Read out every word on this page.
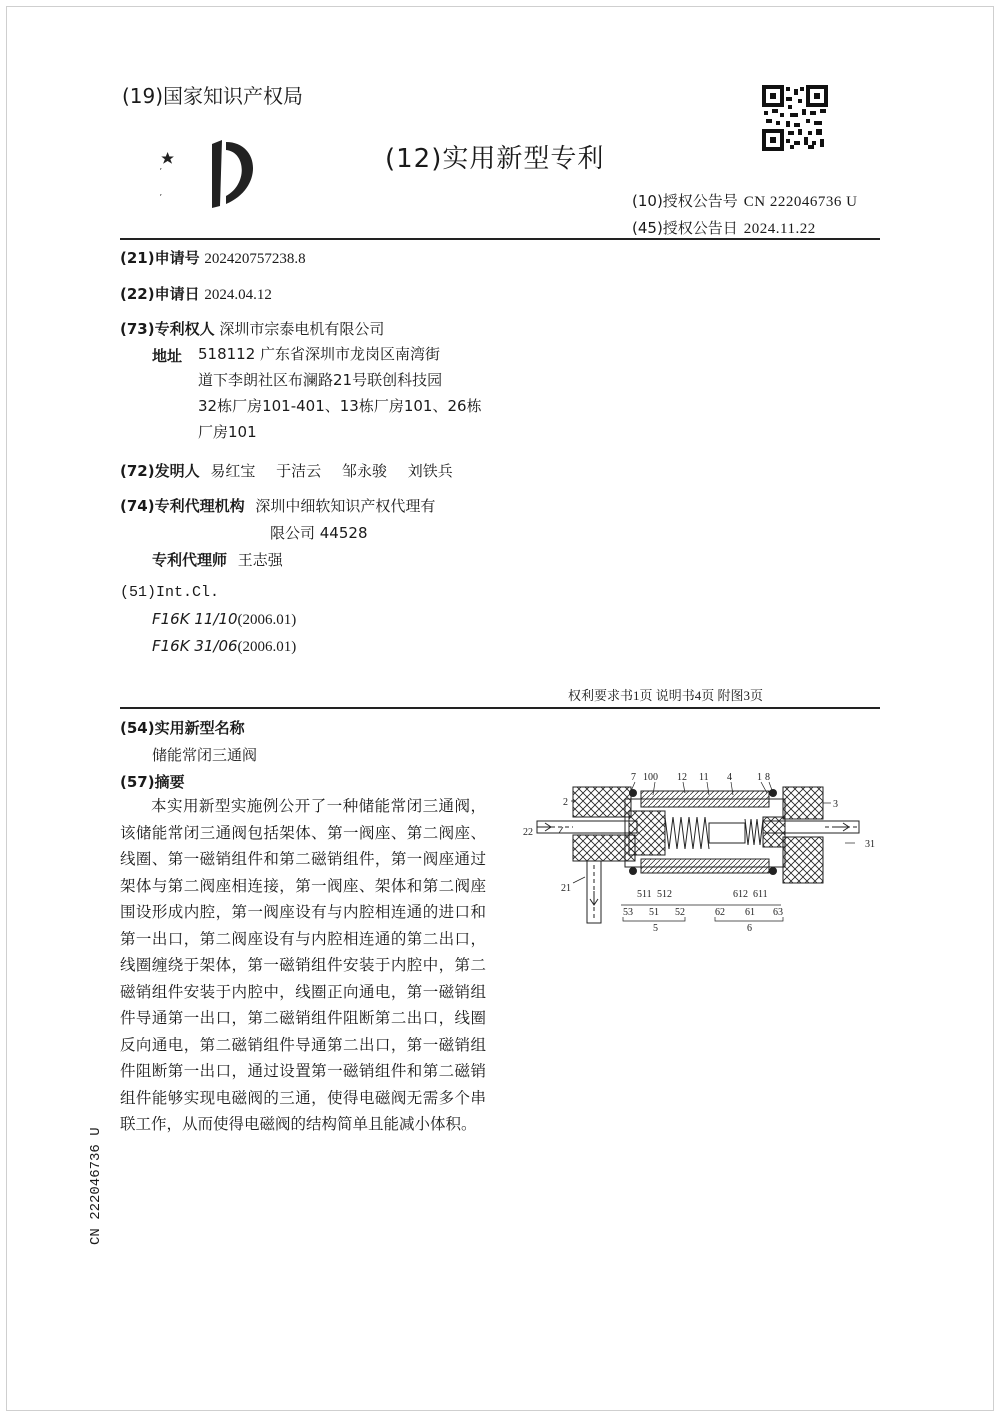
(19)国家知识产权局
(12)实用新型专利
(10)授权公告号 CN 222046736 U
(45)授权公告日 2024.11.22
(21)申请号 202420757238.8
(22)申请日 2024.04.12
(73)专利权人 深圳市宗泰电机有限公司
地址 518112 广东省深圳市龙岗区南湾街
道下李朗社区布澜路21号联创科技园
32栋厂房101-401、13栋厂房101、26栋
厂房101
(72)发明人 易红宝 于洁云 邹永骏 刘铁兵
(74)专利代理机构 深圳中细软知识产权代理有
限公司 44528
专利代理师 王志强
(51)Int.Cl.
F16K 11/10(2006.01)
F16K 31/06(2006.01)
权利要求书1页 说明书4页 附图3页
(54)实用新型名称
储能常闭三通阀
(57)摘要
本实用新型实施例公开了一种储能常闭三通阀，该储能常闭三通阀包括架体、第一阀座、第二阀座、线圈、第一磁销组件和第二磁销组件，第一阀座通过架体与第二阀座相连接，第一阀座、架体和第二阀座围设形成内腔，第一阀座设有与内腔相连通的进口和第一出口，第二阀座设有与内腔相连通的第二出口，线圈缠绕于架体，第一磁销组件安装于内腔中，第二磁销组件安装于内腔中，线圈正向通电，第一磁销组件导通第一出口，第二磁销组件阻断第二出口，线圈反向通电，第二磁销组件导通第二出口，第一磁销组件阻断第一出口，通过设置第一磁销组件和第二磁销组件能够实现电磁阀的三通，使得电磁阀无需多个串联工作，从而使得电磁阀的结构简单且能减小体积。
7 100 12 11 4	1 8
2	3
22
31
21
511 512	612 611
53 51 52	62 61 63
5	6
CN 222046736 U
